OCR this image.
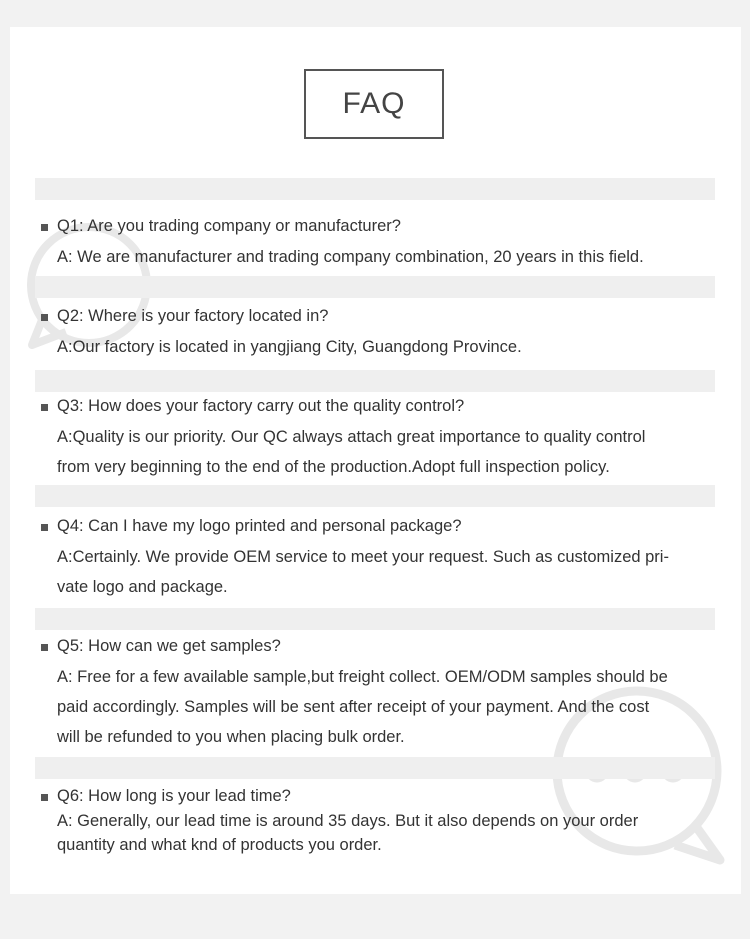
FAQ
Q1: Are you trading company or manufacturer?
A: We are manufacturer and trading company combination, 20 years in this field.
Q2: Where is your factory located in?
A:Our factory is located in yangjiang City, Guangdong Province.
Q3: How does your factory carry out the quality control?
A:Quality is our priority. Our QC always attach great importance to quality control
from very beginning to the end of the production.Adopt full inspection policy.
Q4: Can I have my logo printed and personal package?
A:Certainly. We provide OEM service to meet your request. Such as customized pri-
vate logo and package.
Q5: How can we get samples?
A: Free for a few available sample,but freight collect. OEM/ODM samples should be
paid accordingly. Samples will be sent after receipt of your payment. And the cost
will be refunded to you when placing bulk order.
Q6: How long is your lead time?
A: Generally, our lead time is around 35 days. But it also depends on your order
quantity and what knd of products you order.
